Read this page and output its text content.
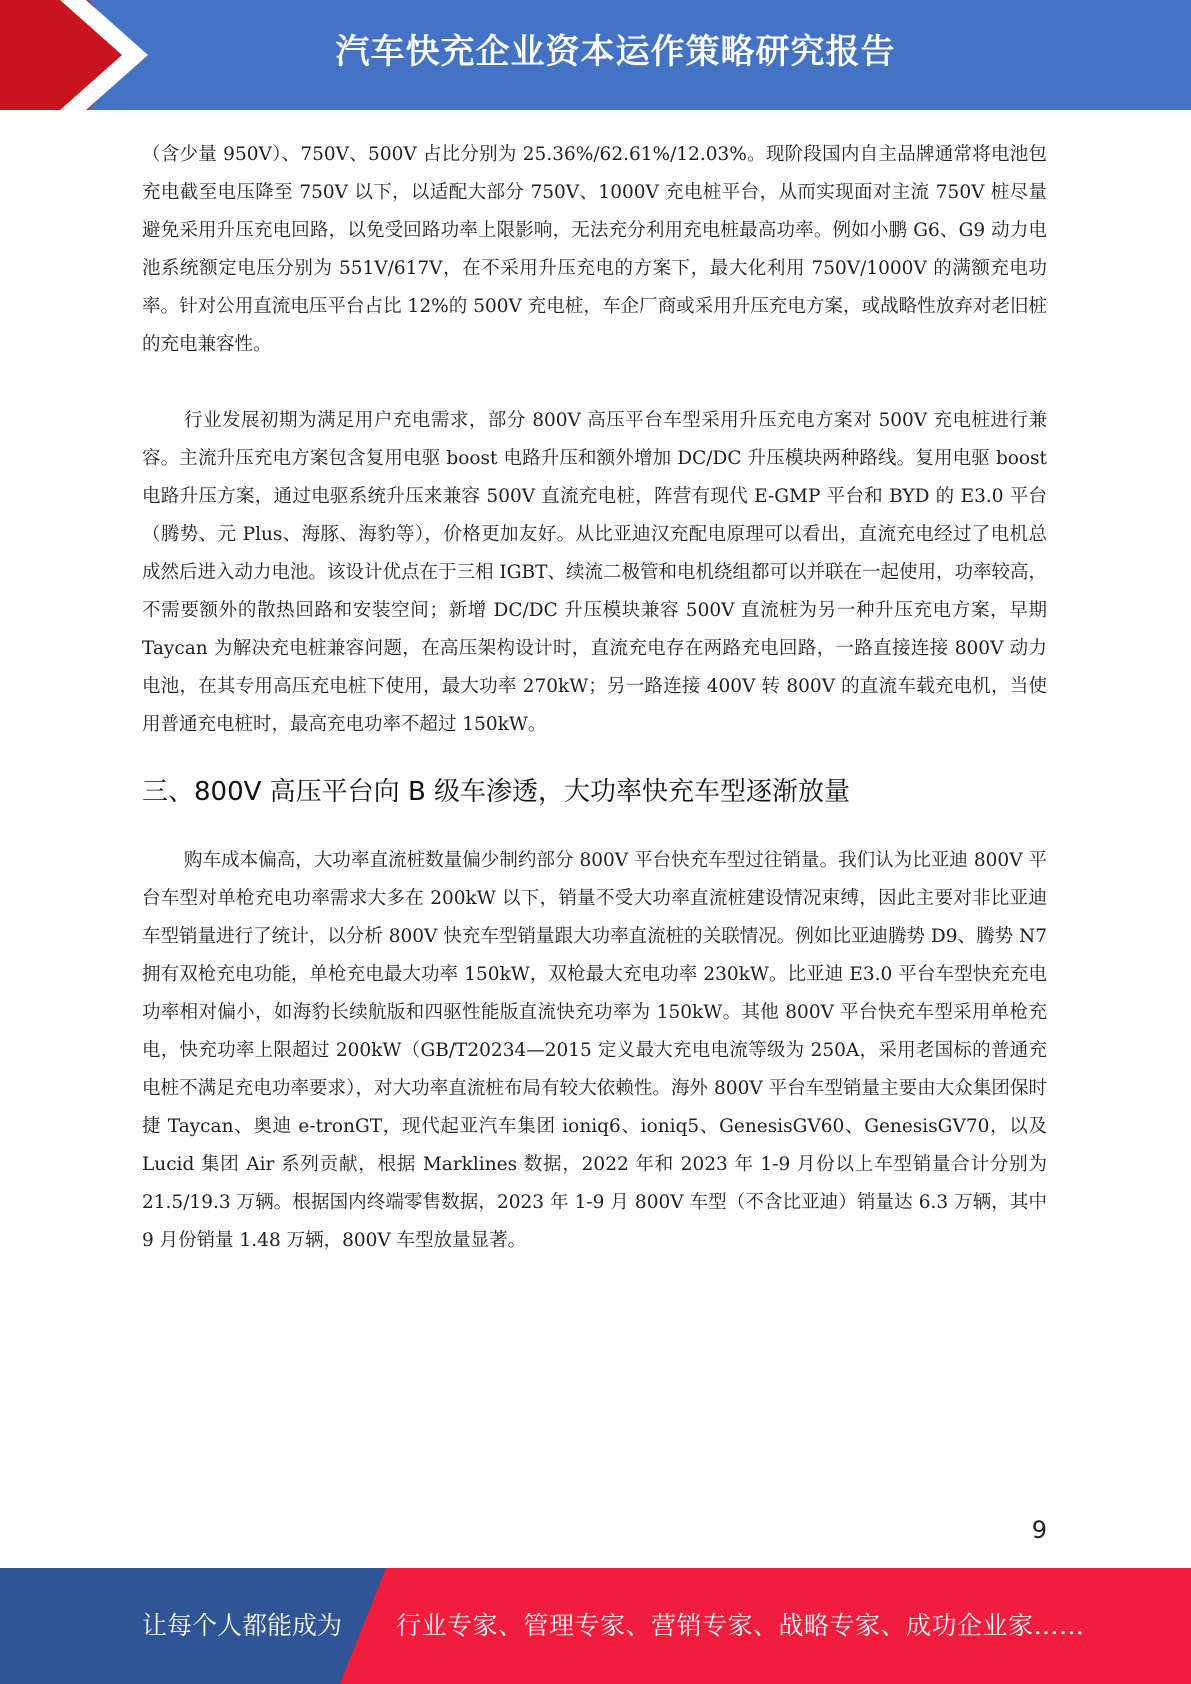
汽车快充企业资本运作策略研究报告

（含少量 950V）、750V、500V 占比分别为 25.36%/62.61%/12.03%。现阶段国内自主品牌通常将电池包充电截至电压降至 750V 以下，以适配大部分 750V、1000V 充电桩平台，从而实现面对主流 750V 桩尽量避免采用升压充电回路，以免受回路功率上限影响，无法充分利用充电桩最高功率。例如小鹏 G6、G9 动力电池系统额定电压分别为 551V/617V，在不采用升压充电的方案下，最大化利用 750V/1000V 的满额充电功率。针对公用直流电压平台占比 12%的 500V 充电桩，车企厂商或采用升压充电方案，或战略性放弃对老旧桩的充电兼容性。

行业发展初期为满足用户充电需求，部分 800V 高压平台车型采用升压充电方案对 500V 充电桩进行兼容。主流升压充电方案包含复用电驱 boost 电路升压和额外增加 DC/DC 升压模块两种路线。复用电驱 boost 电路升压方案，通过电驱系统升压来兼容 500V 直流充电桩，阵营有现代 E-GMP 平台和 BYD 的 E3.0 平台（腾势、元 Plus、海豚、海豹等），价格更加友好。从比亚迪汉充配电原理可以看出，直流充电经过了电机总成然后进入动力电池。该设计优点在于三相 IGBT、续流二极管和电机绕组都可以并联在一起使用，功率较高，不需要额外的散热回路和安装空间；新增 DC/DC 升压模块兼容 500V 直流桩为另一种升压充电方案，早期 Taycan 为解决充电桩兼容问题，在高压架构设计时，直流充电存在两路充电回路，一路直接连接 800V 动力电池，在其专用高压充电桩下使用，最大功率 270kW；另一路连接 400V 转 800V 的直流车载充电机，当使用普通充电桩时，最高充电功率不超过 150kW。

三、800V 高压平台向 B 级车渗透，大功率快充车型逐渐放量

购车成本偏高，大功率直流桩数量偏少制约部分 800V 平台快充车型过往销量。我们认为比亚迪 800V 平台车型对单枪充电功率需求大多在 200kW 以下，销量不受大功率直流桩建设情况束缚，因此主要对非比亚迪车型销量进行了统计，以分析 800V 快充车型销量跟大功率直流桩的关联情况。例如比亚迪腾势 D9、腾势 N7 拥有双枪充电功能，单枪充电最大功率 150kW，双枪最大充电功率 230kW。比亚迪 E3.0 平台车型快充充电功率相对偏小，如海豹长续航版和四驱性能版直流快充功率为 150kW。其他 800V 平台快充车型采用单枪充电，快充功率上限超过 200kW（GB/T20234—2015 定义最大充电电流等级为 250A，采用老国标的普通充电桩不满足充电功率要求），对大功率直流桩布局有较大依赖性。海外 800V 平台车型销量主要由大众集团保时捷 Taycan、奥迪 e-tronGT，现代起亚汽车集团 ioniq6、ioniq5、GenesisGV60、GenesisGV70，以及 Lucid 集团 Air 系列贡献，根据 Marklines 数据，2022 年和 2023 年 1-9 月份以上车型销量合计分别为 21.5/19.3 万辆。根据国内终端零售数据，2023 年 1-9 月 800V 车型（不含比亚迪）销量达 6.3 万辆，其中 9 月份销量 1.48 万辆，800V 车型放量显著。

9
让每个人都能成为 行业专家、管理专家、营销专家、战略专家、成功企业家……
